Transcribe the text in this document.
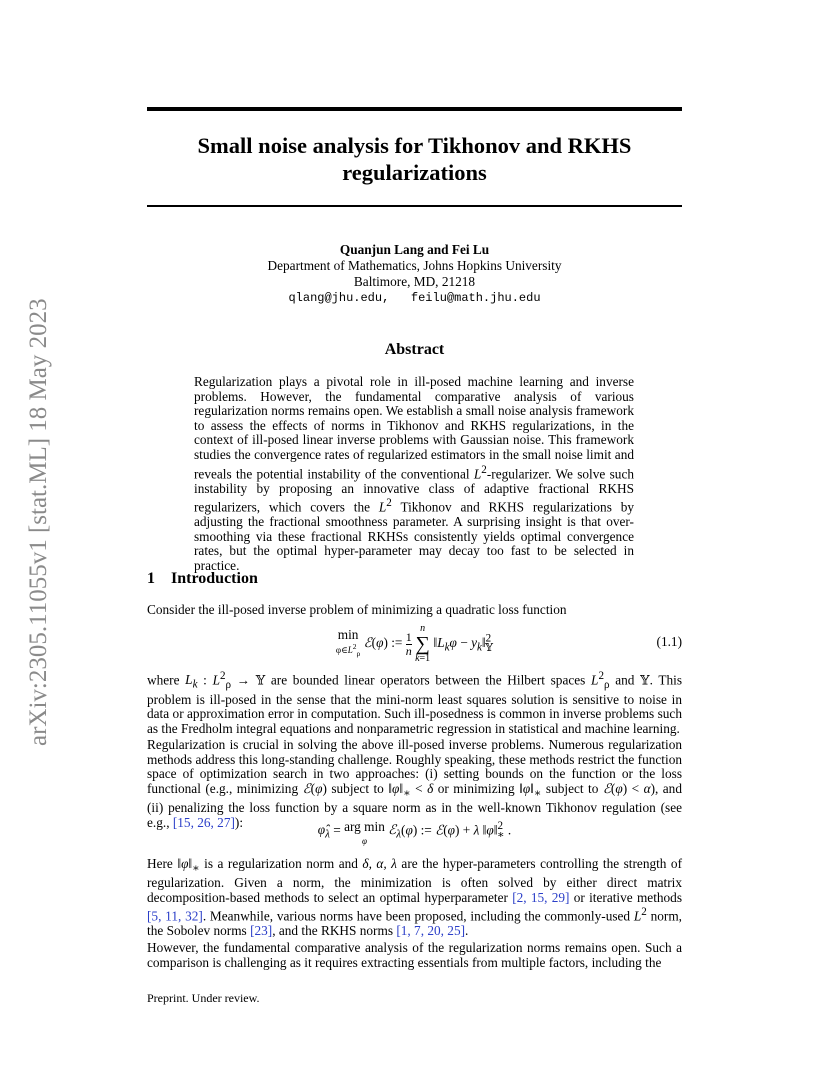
arXiv:2305.11055v1 [stat.ML] 18 May 2023
Small noise analysis for Tikhonov and RKHS
regularizations
Quanjun Lang and Fei Lu
Department of Mathematics, Johns Hopkins University
Baltimore, MD, 21218
qlang@jhu.edu, feilu@math.jhu.edu
Abstract
Regularization plays a pivotal role in ill-posed machine learning and inverse problems. However, the fundamental comparative analysis of various regularization norms remains open. We establish a small noise analysis framework to assess the effects of norms in Tikhonov and RKHS regularizations, in the context of ill-posed linear inverse problems with Gaussian noise. This framework studies the convergence rates of regularized estimators in the small noise limit and reveals the potential instability of the conventional $L^2$-regularizer. We solve such instability by proposing an innovative class of adaptive fractional RKHS regularizers, which covers the $L^2$ Tikhonov and RKHS regularizations by adjusting the fractional smoothness parameter. A surprising insight is that over-smoothing via these fractional RKHSs consistently yields optimal convergence rates, but the optimal hyper-parameter may decay too fast to be selected in practice.
1 Introduction
Consider the ill-posed inverse problem of minimizing a quadratic loss function
min
$\varphi\in L^2_\rho$ ℰ(φ) := $\frac{1}{n}$
n
∑
k=1 $‖L_k\varphi$ − $y_k‖^2_𝕐$	(1.1)
where $L_k$ : $L^2_\rho$ → 𝕐 are bounded linear operators between the Hilbert spaces $L^2_\rho$ and 𝕐. This problem is ill-posed in the sense that the mini-norm least squares solution is sensitive to noise in data or approximation error in computation. Such ill-posedness is common in inverse problems such as the Fredholm integral equations and nonparametric regression in statistical and machine learning.
Regularization is crucial in solving the above ill-posed inverse problems. Numerous regularization methods address this long-standing challenge. Roughly speaking, these methods restrict the function space of optimization search in two approaches: (i) setting bounds on the function or the loss functional (e.g., minimizing ℰ(φ) subject to $‖\varphi‖_∗ < \delta$ or minimizing $‖\varphi‖_∗$ subject to ℰ(φ) < α), and (ii) penalizing the loss function by a square norm as in the well-known Tikhonov regulation (see e.g., [15, 26, 27]):
$\varphî_\lambda$ = arg min
φ ℰ$_\lambda$(φ) := ℰ(φ) + λ ‖φ‖$^2_∗$ .
Here $‖\varphi‖_∗$ is a regularization norm and δ, α, λ are the hyper-parameters controlling the strength of regularization. Given a norm, the minimization is often solved by either direct matrix decomposition-based methods to select an optimal hyperparameter [2, 15, 29] or iterative methods [5, 11, 32]. Meanwhile, various norms have been proposed, including the commonly-used $L^2$ norm, the Sobolev norms [23], and the RKHS norms [1, 7, 20, 25].
However, the fundamental comparative analysis of the regularization norms remains open. Such a comparison is challenging as it requires extracting essentials from multiple factors, including the
Preprint. Under review.
